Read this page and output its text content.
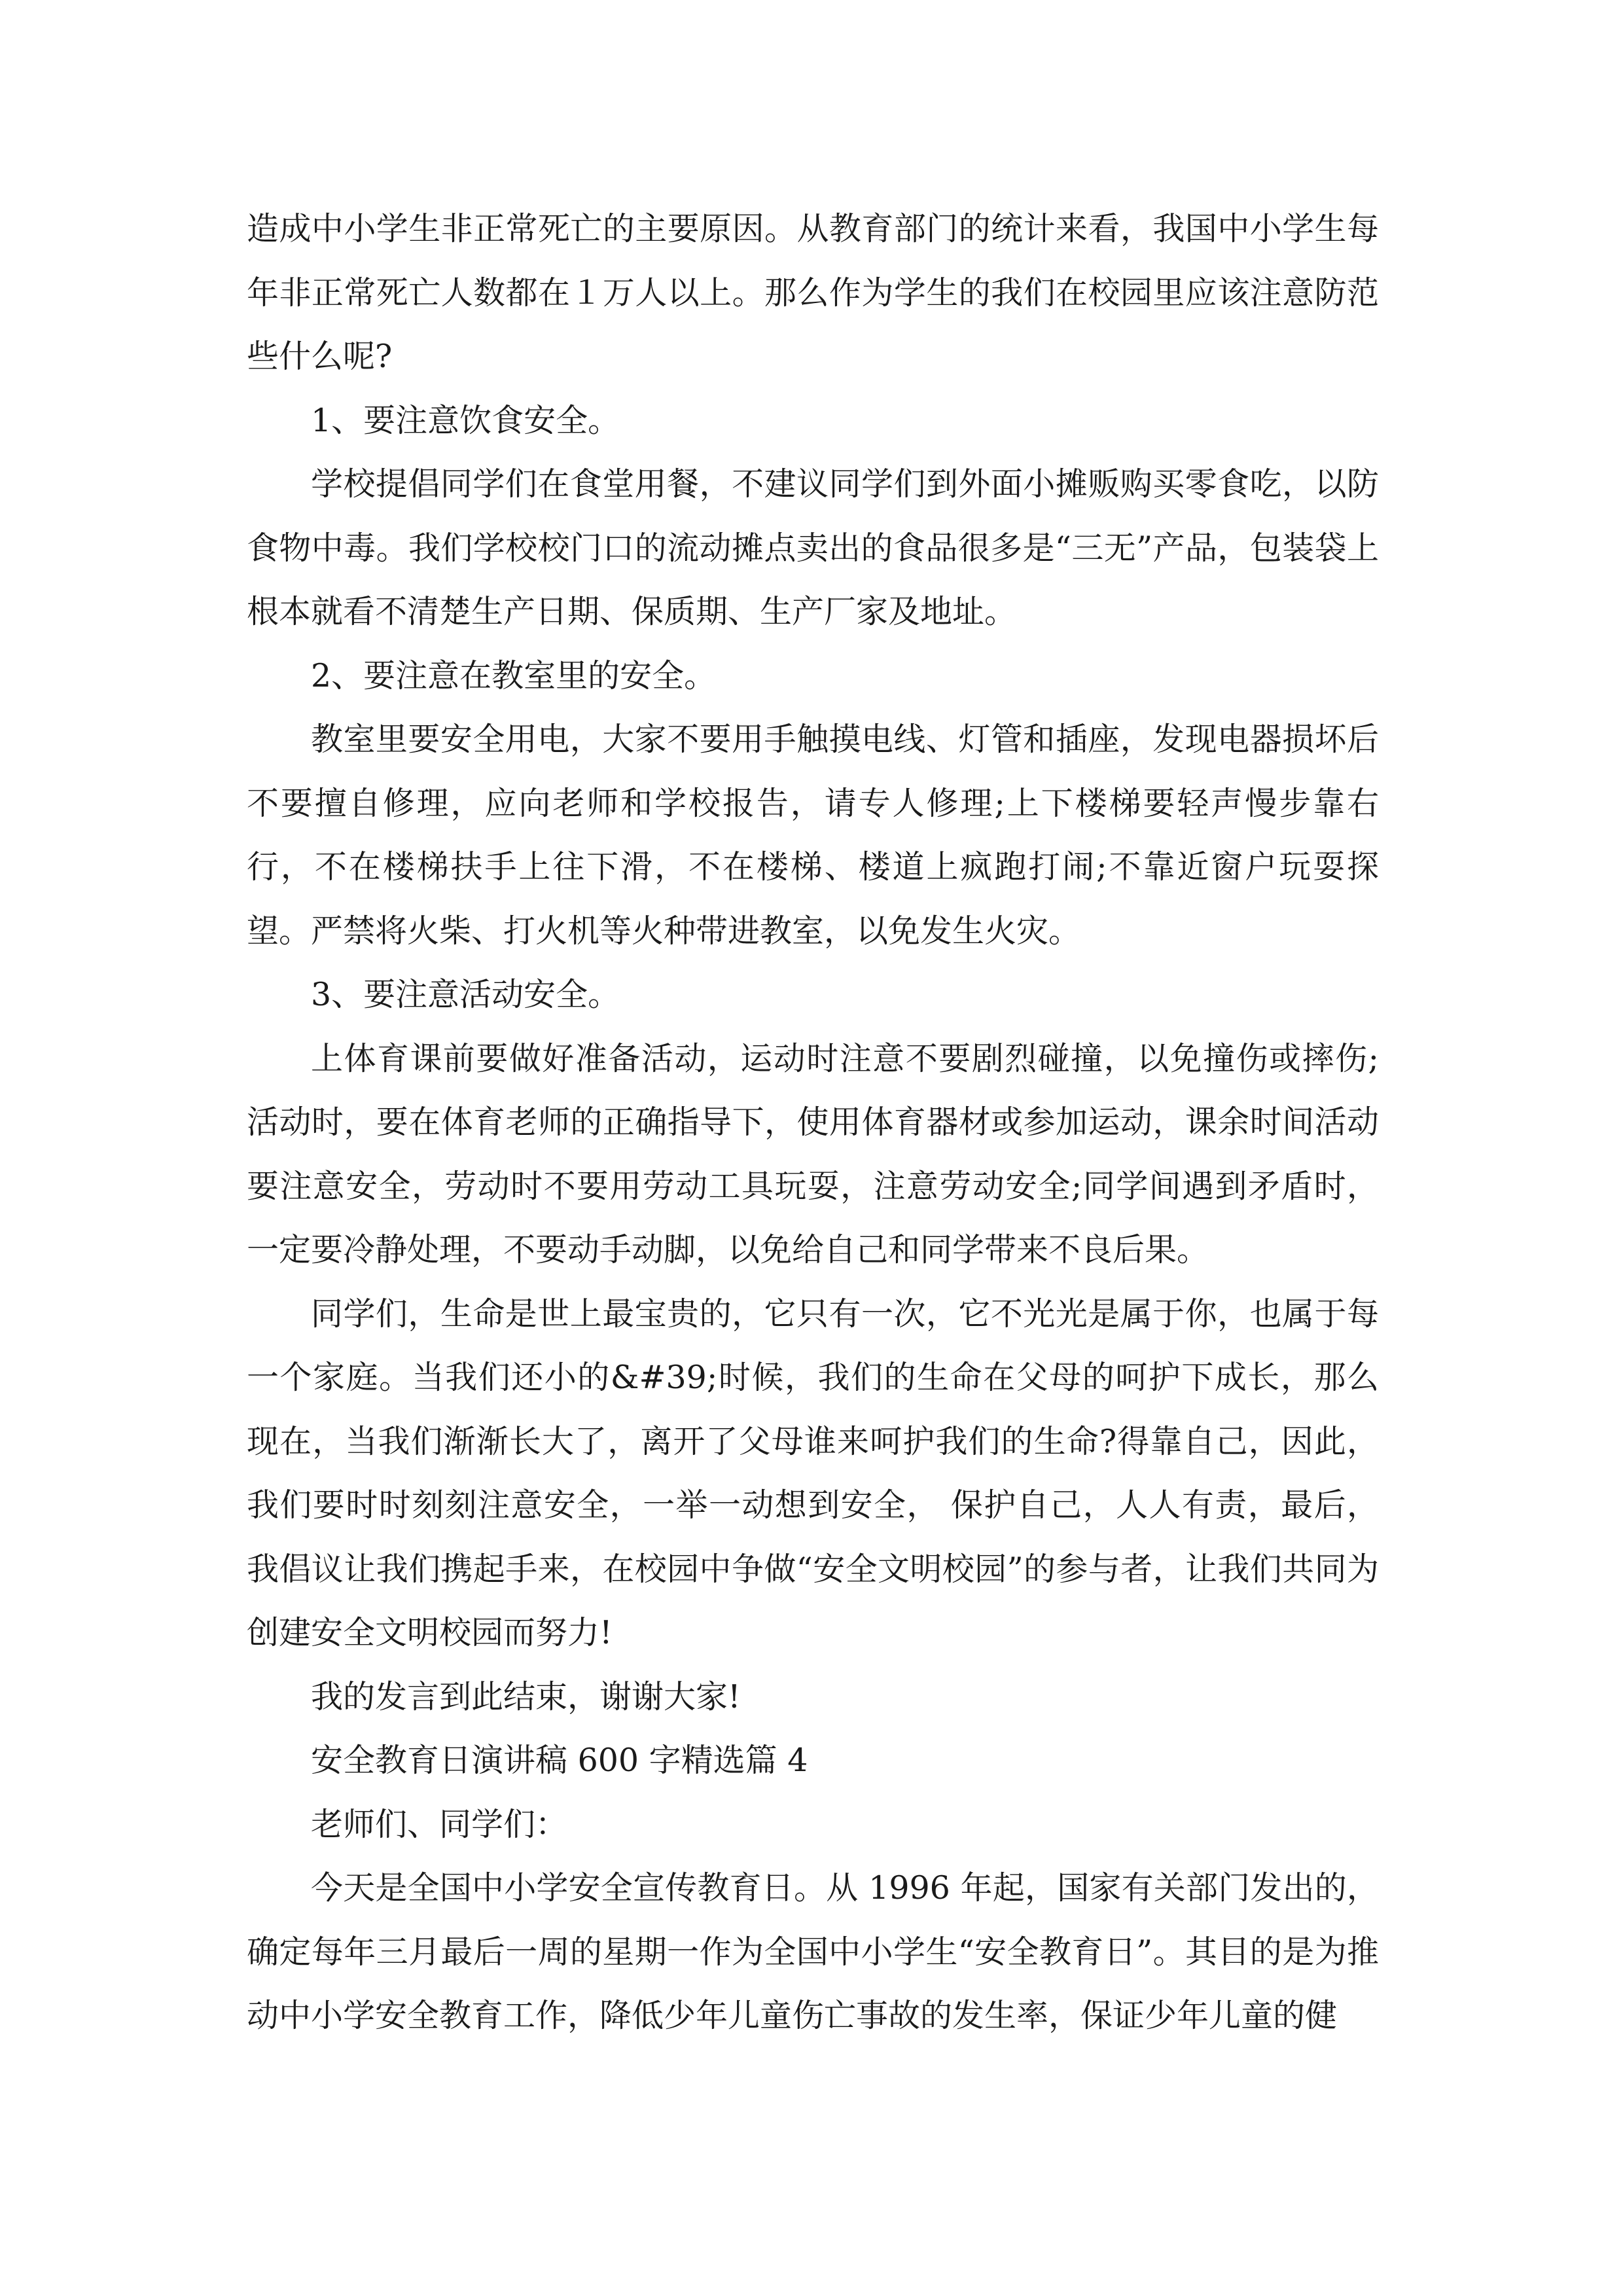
造成中小学生非正常死亡的主要原因。从教育部门的统计来看，我国中小学生每年非正常死亡人数都在１万人以上。那么作为学生的我们在校园里应该注意防范些什么呢?

1、要注意饮食安全。

学校提倡同学们在食堂用餐，不建议同学们到外面小摊贩购买零食吃，以防食物中毒。我们学校校门口的流动摊点卖出的食品很多是“三无”产品，包装袋上根本就看不清楚生产日期、保质期、生产厂家及地址。

2、要注意在教室里的安全。

教室里要安全用电，大家不要用手触摸电线、灯管和插座，发现电器损坏后不要擅自修理，应向老师和学校报告，请专人修理;上下楼梯要轻声慢步靠右行，不在楼梯扶手上往下滑，不在楼梯、楼道上疯跑打闹;不靠近窗户玩耍探望。严禁将火柴、打火机等火种带进教室，以免发生火灾。

3、要注意活动安全。

上体育课前要做好准备活动，运动时注意不要剧烈碰撞，以免撞伤或摔伤;活动时，要在体育老师的正确指导下，使用体育器材或参加运动，课余时间活动要注意安全，劳动时不要用劳动工具玩耍，注意劳动安全;同学间遇到矛盾时，一定要冷静处理，不要动手动脚，以免给自己和同学带来不良后果。

同学们，生命是世上最宝贵的，它只有一次，它不光光是属于你，也属于每一个家庭。当我们还小的&#39;时候，我们的生命在父母的呵护下成长，那么现在，当我们渐渐长大了，离开了父母谁来呵护我们的生命?得靠自己，因此，我们要时时刻刻注意安全，一举一动想到安全， 保护自己，人人有责，最后，我倡议让我们携起手来，在校园中争做“安全文明校园”的参与者，让我们共同为创建安全文明校园而努力!

我的发言到此结束，谢谢大家!

安全教育日演讲稿 600 字精选篇 4

老师们、同学们：

今天是全国中小学安全宣传教育日。从 1996 年起，国家有关部门发出的，确定每年三月最后一周的星期一作为全国中小学生“安全教育日”。其目的是为推动中小学安全教育工作，降低少年儿童伤亡事故的发生率，保证少年儿童的健
